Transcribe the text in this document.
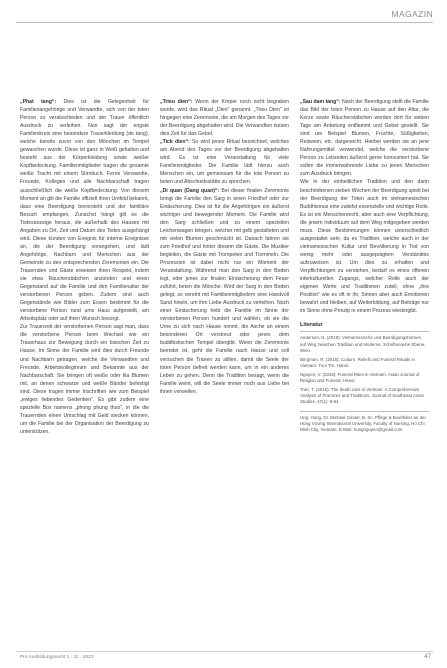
MAGAZIN

„Phat tang“: Dies ist die Gelegenheit für Familienangehörige und Verwandte, sich von der toten Person zu verabschieden und der Trauer öffentlich Ausdruck zu verleihen. Nun sagt der engste Familienkreis eine besondere Trauerkleidung (de tang), welche bereits zuvor von den Mönchen im Tempel gewaschen wurde. Diese ist ganz in Weiß gehalten und besteht aus der Körperkleidung sowie weißer Kopfbedeckung. Familienmitglieder tragen die gesamte weiße Tracht mit einem Stirnbuch. Ferne Verwandte, Freunde, Kollegen und alle Nachbarschaft tragen ausschließlich die weiße Kopfbedeckung. Von diesem Moment an gilt die Familie offiziell ihren Umfeld bekannt, dass eine Beerdigung bevorsteht und der familiäre Besuch empfangen. Zunächst hängt gilt es die Todesanzeige heraus, die außerhalb des Hauses mit Angaben zu Ort, Zeit und Datum des Todes ausgehängt wird. Diese künden von Ereignis für interne Ereignisse an, die der Beerdigung vorangehen, und lädt Angehörige, Nachbarn und Menschen aus der Gemeinde zu den entsprechenden Zeremonien ein. Die Trauernden und Gäste erweisen ihren Respekt, indem sie etwa Räucherstäbchen anzünden und einen Gegenstand auf die Familie und den Familienaltar der verstorbenen Person geben. Zudem sind auch Gegenstände wie Bilder zum Essen bestimmt für die verstorbene Person rund ums Haus aufgestellt, am Arbeitsplatz oder auf ihren Wunsch besorgt.

Zur Trauerzeit der verstorbenen Person sagt man, dass die verstorbene Person beim Wechsel wie ein Trauerhaus zur Bewegung durch ein bisschen Zeit zu Hause. Im Sinne der Familie wird dies durch Freunde und Nachbarn getragen, welche die Verwandten und Freunde, Arbeitskolleginnen und Bekannte aus der Nachbarschaft. Sie bringen oft weiße oder lila Blumen mit, an denen schwarze und weiße Bänder befestigt sind. Diese tragen immer Inschriften wie zum Beispiel „ewiges liebendes Gedenken“. Es gibt zudem eine spezielle Box namens „phong phung thuo“, in die die Trauernden einen Umschlag mit Geld stecken können, um die Familie bei der Organisation der Beerdigung zu unterstützen.

„Trieu dien“: Wenn der Körper noch nicht begraben wurde, wird das Ritual „Dien“ genannt. „Trieu Dien“ ist hingegen eine Zeremonie, die am Morgen des Tages vor der Beerdigung abgehalten wird. Die Verwandten nutzen dies Zeit für das Gebet.

„Tick dien“: So wird jenes Ritual bezeichnet, welches am Abend des Tages vor der Beerdigung abgehalten wird. Es ist eine Veranstaltung für viele Familienmitglieder. Die Familie lädt hierzu auch Menschen ein, um gemeinsam für die tote Person zu beten und Abschiedsstätte zu sprechen.

„Di quan (Dang quan)“: Bei dieser finalen Zeremonie bringt die Familie den Sarg in einen Friedhof oder zur Einäscherung. Dies ist für die Angehörigen ein äußerst wichtiger und bewegender Moment. Die Familie wird den Sarg schließen und zu einem speziellen Leichenwagen bringen, welcher mit gelb gestalteten und mit vielen Blumen geschmückt ist. Danach fahren sie zum Friedhof und hinter diesem die Gäste. Die Musiker begleiten, die Gäste mit Trompeten und Trommeln. Die Prozession ist dabei nicht nur ein Moment der Veranstaltung. Während man den Sarg in den Boden legt, oder jenes zur finalen Einäscherung dem Feuer zuführt, beten die Mönche. Wird der Sarg in den Boden gelegt, so vereint mit Familienmitgliedern eine Handvoll Sand hinein, um ihm Liebe Ausdruck zu verleihen. Nach einer Einäscherung hebt die Familie im Sinne der verstorbenen Person hundert und wählen, ob sie die Urne zu sich nach Hause nimmt, die Asche an einem besonderen Ort verstreut oder jenes dem buddhistischen Tempel übergibt. Wenn die Zeremonie beendet ist, geht die Familie nach Hause und soll versuchen die Tränen zu stillen, damit die Seele der toten Person befreit werden kann, um in ein anderes Leben zu gehen. Denn die Tradition besagt, wenn die Familie weint, will die Seele immer noch aus Liebe bei ihnen verweilen.

„Sau dam tang“: Nach der Beerdigung stellt die Familie das Bild der toten Person zu Hause auf den Altar, die Kerze sowie Räucherstäbchen werden dort für sieben Tage am Anbetung entflammt und Gebet gestellt. Sie sind um Beispiel Blumen, Früchte, Süßigkeiten, Reiswein, etc. dargereicht. Hierbei werden sie an jene Nahrungsmittel verwendet, welche die verstorbene Person zu Lebzeiten äußerst gerne konsumiert hat. Sie sollen die immerwährende Liebe zu jenen Menschen zum Ausdruck bringen.

Wie in der einheitlichen Tradition und den darin beschriebenen sieben Wochen der Beerdigung spielt bei der Beerdigung der Toten auch im vietnamesischen Buddhismus eine zutiefst essenzielle und wichtige Rolle. Es ist ein Menschenrecht, aber auch eine Verpflichtung, die jenem Individuum auf dem Weg mitgegeben werden muss. Diese Bestimmungen können unterschiedlich ausgestaltet sein, da es Tradition, welche auch in der vietnamesischen Kultur und Bevölkerung in Tod von wenig mehr oder ausgeprägtem Verständnis aufzuweisen ist. Um dies zu erhalten und Verpflichtungen zu verstehen, bedarf es eines offenen interkulturellen Zugangs, welcher Rolle auch der eigenen Werte und Traditionen zuteil, ohne „ihre Position“ wie es oft in ihr, Sinnen aber auch Emotionen bewahrt und bleiben, auf Weiterbildung, auf Beiträge nur im Sinne ohne Prinzip in einem Prozess wiedergibt.

Literatur
Anderson, N. (2019): Vietnamesische und Beerdigungsformen, auf Weg zwischen Tradition und Moderne. Schriftenreihe Ebene, Wien.
Bergman, R. (2018): Culture, Reliefs and Funeral Rituals in Vietnam. Tuoi Tre, Hanoi.
Nguyen, V. (2019): Funeral Rites in Vietnam. Asian Journal of Religion and Funeral, Hanoi.
Tran, T. (2016): The death care in Vietnam: A Comprehensive Analysis of Practices and Traditions. Journal of Southeast Asian Studies. 47(1): 8-64.
Ung, Hùng, Dr. Michael Ginder, B. Sc. Pflege & Bioethiker an der Hùng Vương International University, Faculty of Nursing, Ho Chi Minh City, Vietnam. E-Mail: hungnguyen@gmail.com
Pro Ausbildungsrecht 1 · 11 · 2023	47
